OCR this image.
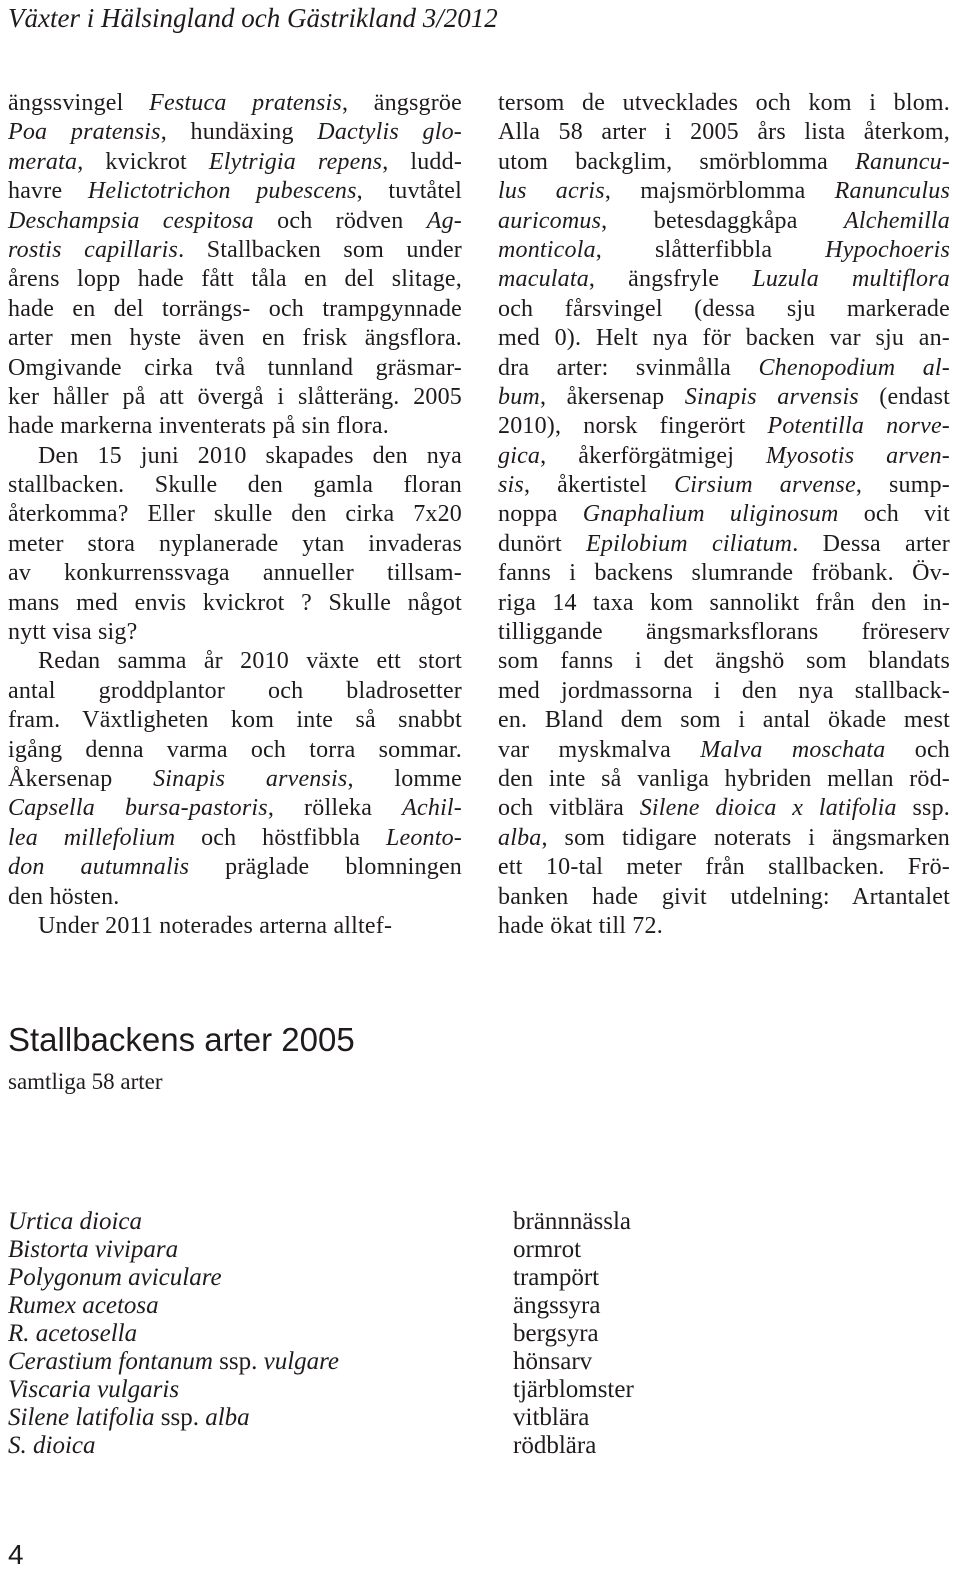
Växter i Hälsingland och Gästrikland 3/2012
ängssvingel Festuca pratensis, ängsgröe
Poa pratensis, hundäxing Dactylis glo-
merata, kvickrot Elytrigia repens, ludd-
havre Helictotrichon pubescens, tuvtåtel
Deschampsia cespitosa och rödven Ag-
rostis capillaris. Stallbacken som under
årens lopp hade fått tåla en del slitage,
hade en del torrängs- och trampgynnade
arter men hyste även en frisk ängsflora.
Omgivande cirka två tunnland gräsmar-
ker håller på att övergå i slåtteräng. 2005
hade markerna inventerats på sin flora.
Den 15 juni 2010 skapades den nya
stallbacken. Skulle den gamla floran
återkomma? Eller skulle den cirka 7x20
meter stora nyplanerade ytan invaderas
av konkurrenssvaga annueller tillsam-
mans med envis kvickrot ? Skulle något
nytt visa sig?
Redan samma år 2010 växte ett stort
antal groddplantor och bladrosetter
fram. Växtligheten kom inte så snabbt
igång denna varma och torra sommar.
Åkersenap Sinapis arvensis, lomme
Capsella bursa-pastoris, rölleka Achil-
lea millefolium och höstfibbla Leonto-
don autumnalis präglade blomningen
den hösten.
Under 2011 noterades arterna alltef-
tersom de utvecklades och kom i blom.
Alla 58 arter i 2005 års lista återkom,
utom backglim, smörblomma Ranuncu-
lus acris, majsmörblomma Ranunculus
auricomus, betesdaggkåpa Alchemilla
monticola, slåtterfibbla Hypochoeris
maculata, ängsfryle Luzula multiflora
och fårsvingel (dessa sju markerade
med 0). Helt nya för backen var sju an-
dra arter: svinmålla Chenopodium al-
bum, åkersenap Sinapis arvensis (endast
2010), norsk fingerört Potentilla norve-
gica, åkerförgätmigej Myosotis arven-
sis, åkertistel Cirsium arvense, sump-
noppa Gnaphalium uliginosum och vit
dunört Epilobium ciliatum. Dessa arter
fanns i backens slumrande fröbank. Öv-
riga 14 taxa kom sannolikt från den in-
tilliggande ängsmarksflorans fröreserv
som fanns i det ängshö som blandats
med jordmassorna i den nya stallback-
en. Bland dem som i antal ökade mest
var myskmalva Malva moschata och
den inte så vanliga hybriden mellan röd-
och vitblära Silene dioica x latifolia ssp.
alba, som tidigare noterats i ängsmarken
ett 10-tal meter från stallbacken. Frö-
banken hade givit utdelning: Artantalet
hade ökat till 72.
Stallbackens arter 2005
samtliga 58 arter
Urtica dioica	brännnässla
Bistorta vivipara	ormrot
Polygonum aviculare	trampört
Rumex acetosa	ängssyra
R. acetosella	bergsyra
Cerastium fontanum ssp. vulgare	hönsarv
Viscaria vulgaris	tjärblomster
Silene latifolia ssp. alba	vitblära
S. dioica	rödblära
4
